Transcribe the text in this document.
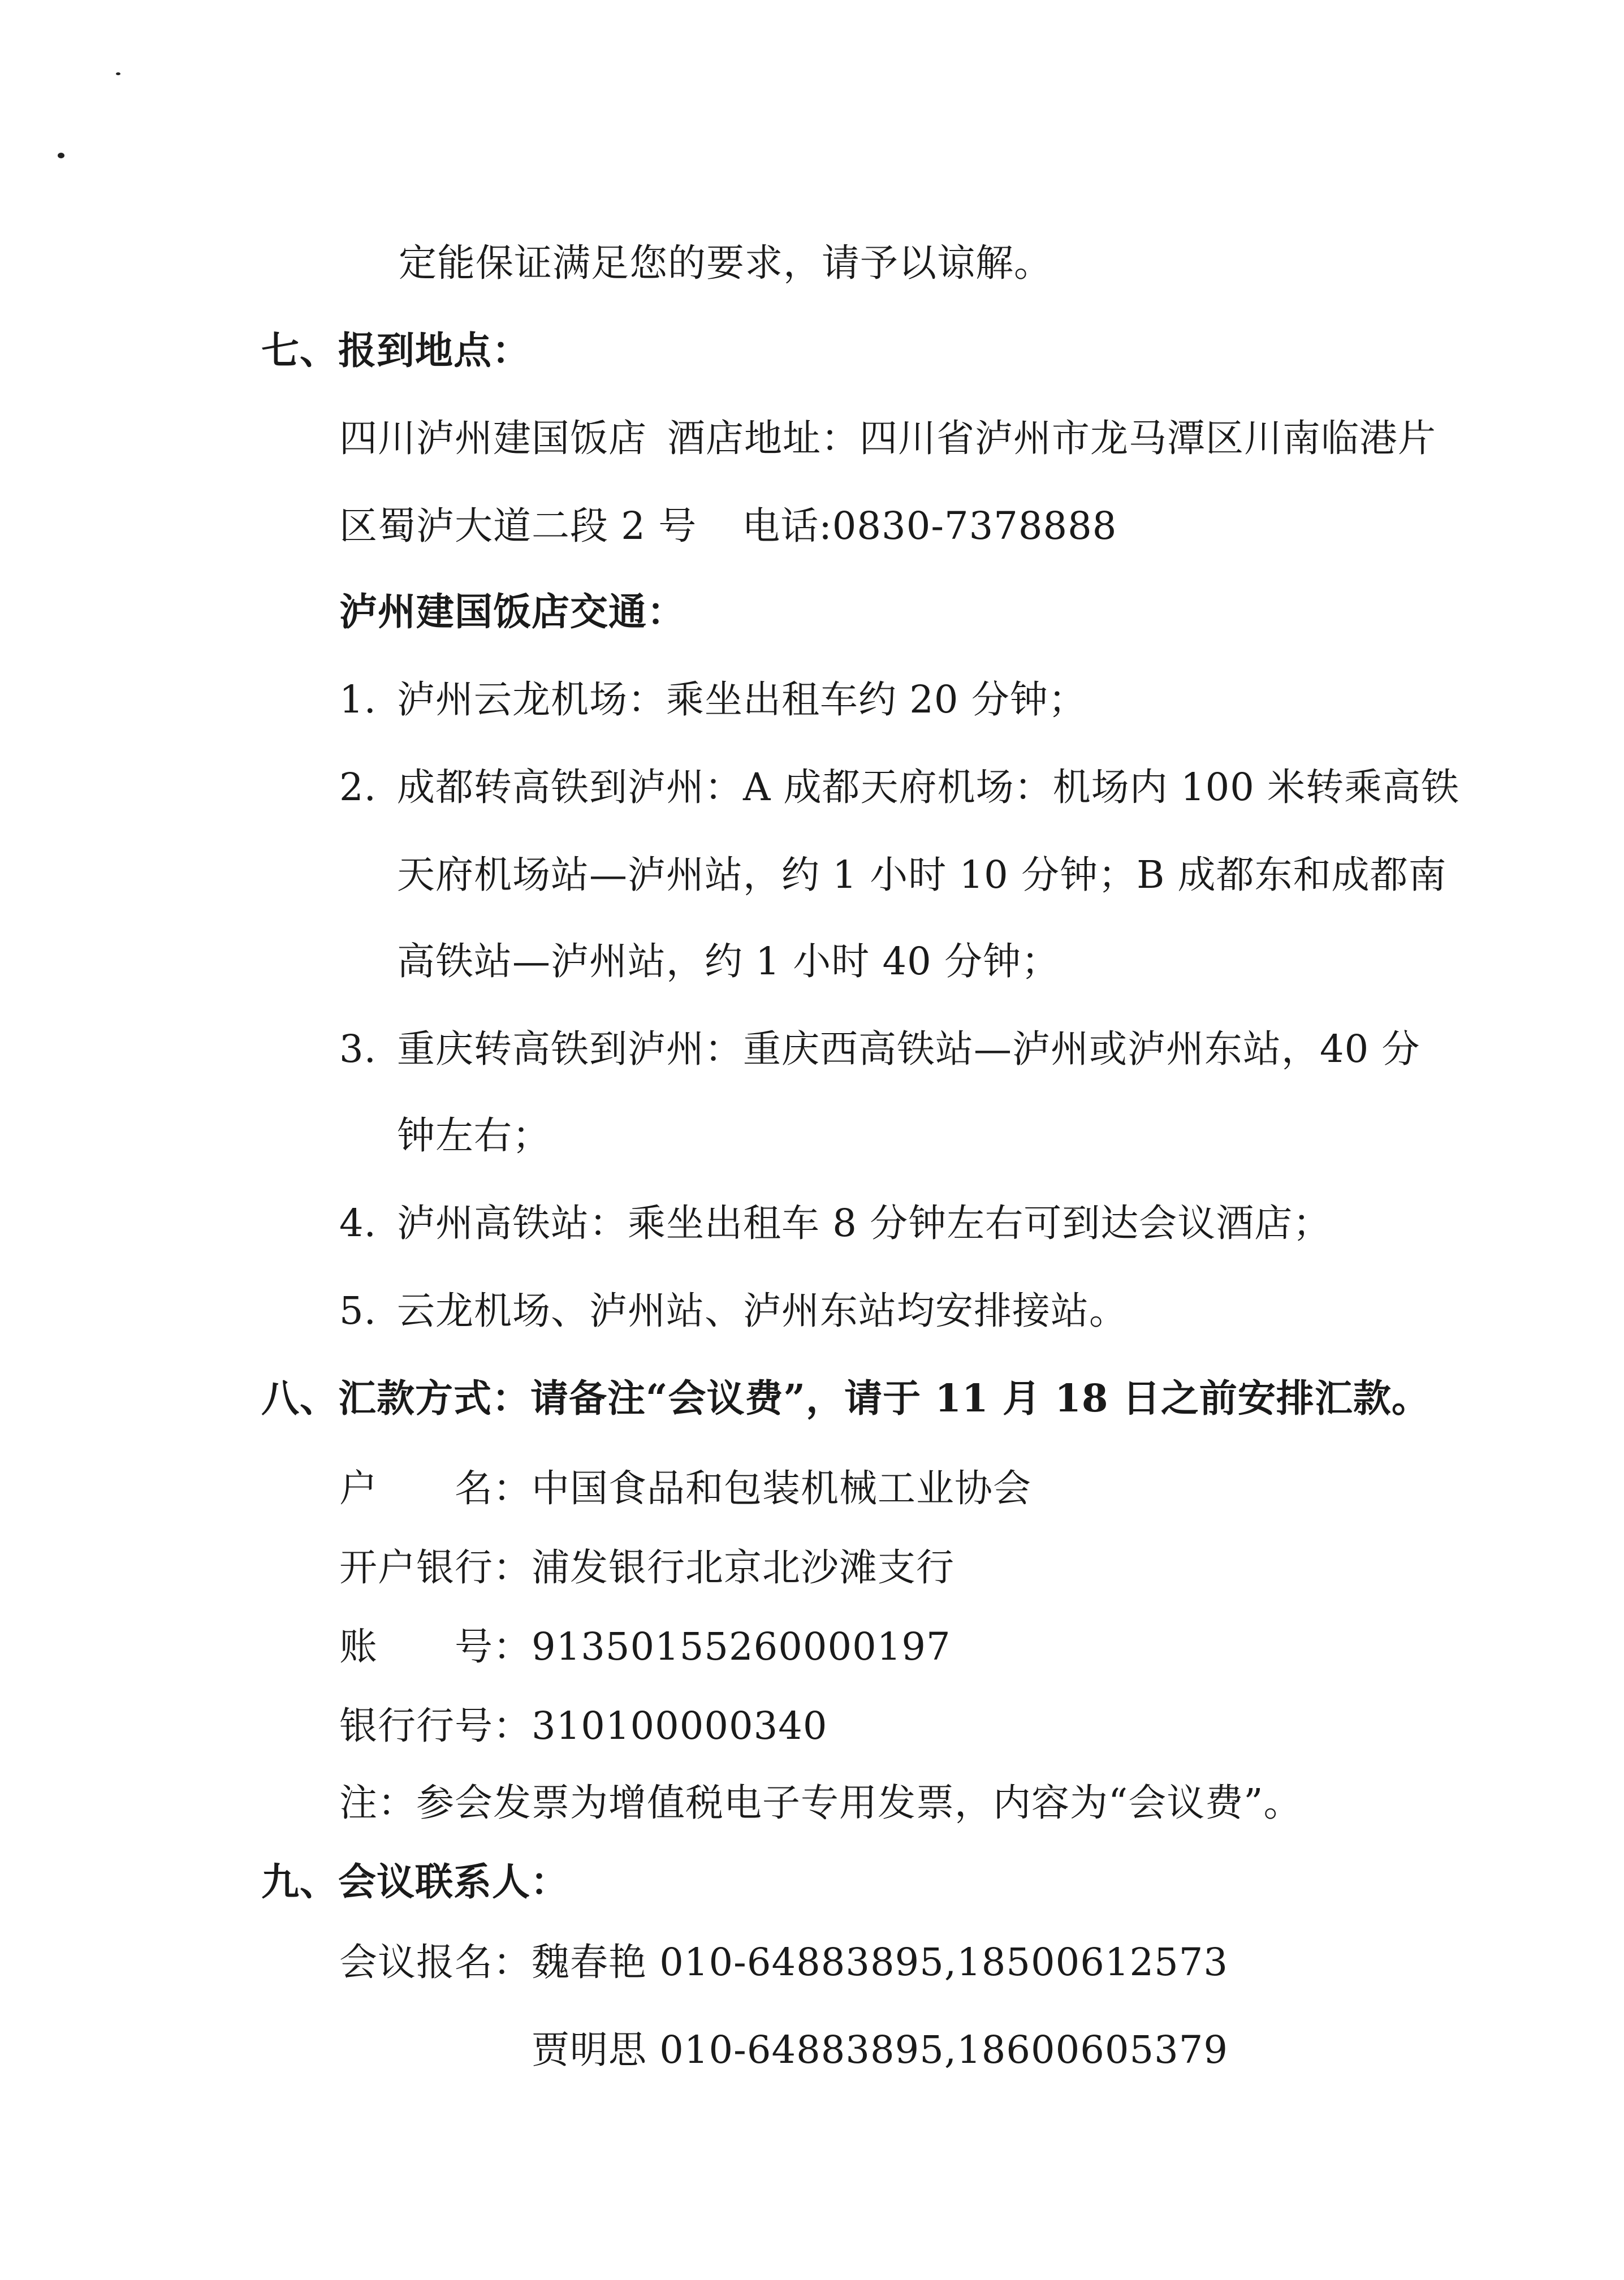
定能保证满足您的要求，请予以谅解。
七、报到地点：
四川泸州建国饭店 酒店地址：四川省泸州市龙马潭区川南临港片
区蜀泸大道二段 2 号 电话:0830-7378888
泸州建国饭店交通：
1. 泸州云龙机场：乘坐出租车约 20 分钟；
2. 成都转高铁到泸州：A 成都天府机场：机场内 100 米转乘高铁
天府机场站—泸州站，约 1 小时 10 分钟；B 成都东和成都南
高铁站—泸州站，约 1 小时 40 分钟；
3. 重庆转高铁到泸州：重庆西高铁站—泸州或泸州东站，40 分
钟左右；
4. 泸州高铁站：乘坐出租车 8 分钟左右可到达会议酒店；
5. 云龙机场、泸州站、泸州东站均安排接站。
八、汇款方式：请备注“会议费”，请于 11 月 18 日之前安排汇款。
户　　名：中国食品和包装机械工业协会
开户银行：浦发银行北京北沙滩支行
账　　号：91350155260000197
银行行号：310100000340
注：参会发票为增值税电子专用发票，内容为“会议费”。
九、会议联系人：
会议报名：魏春艳 010-64883895,18500612573
贾明思 010-64883895,18600605379
